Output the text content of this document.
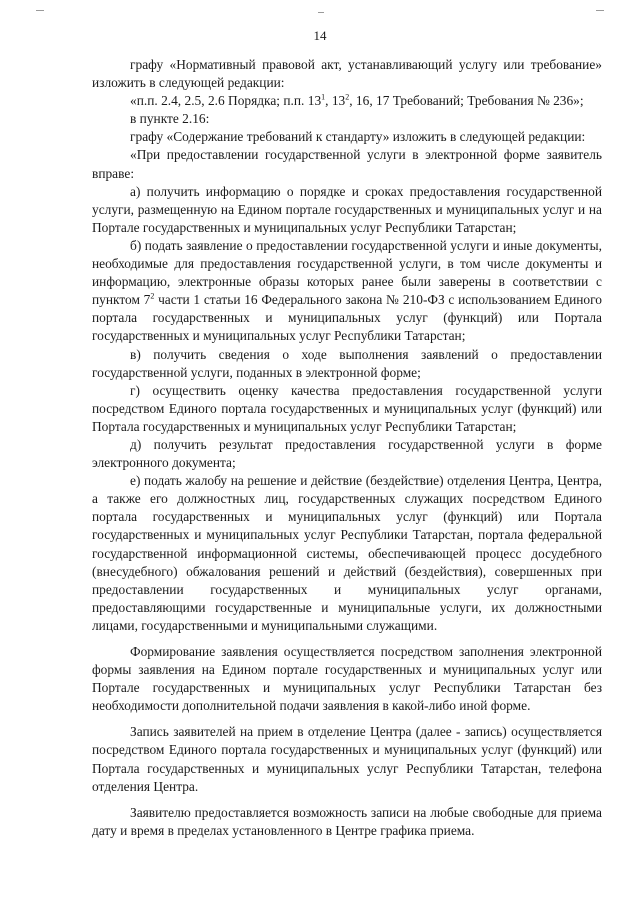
14

графу «Нормативный правовой акт, устанавливающий услугу или требование» изложить в следующей редакции:

«п.п. 2.4, 2.5, 2.6 Порядка; п.п. $13^1$, $13^2$, 16, 17 Требований; Требования № 236»;

в пункте 2.16:

графу «Содержание требований к стандарту» изложить в следующей редакции:

«При предоставлении государственной услуги в электронной форме заявитель вправе:

а) получить информацию о порядке и сроках предоставления государственной услуги, размещенную на Едином портале государственных и муниципальных услуг и на Портале государственных и муниципальных услуг Республики Татарстан;

б) подать заявление о предоставлении государственной услуги и иные документы, необходимые для предоставления государственной услуги, в том числе документы и информацию, электронные образы которых ранее были заверены в соответствии с пунктом $7^2$ части 1 статьи 16 Федерального закона № 210-ФЗ с использованием Единого портала государственных и муниципальных услуг (функций) или Портала государственных и муниципальных услуг Республики Татарстан;

в) получить сведения о ходе выполнения заявлений о предоставлении государственной услуги, поданных в электронной форме;

г) осуществить оценку качества предоставления государственной услуги посредством Единого портала государственных и муниципальных услуг (функций) или Портала государственных и муниципальных услуг Республики Татарстан;

д) получить результат предоставления государственной услуги в форме электронного документа;

е) подать жалобу на решение и действие (бездействие) отделения Центра, Центра, а также его должностных лиц, государственных служащих посредством Единого портала государственных и муниципальных услуг (функций) или Портала государственных и муниципальных услуг Республики Татарстан, портала федеральной государственной информационной системы, обеспечивающей процесс досудебного (внесудебного) обжалования решений и действий (бездействия), совершенных при предоставлении государственных и муниципальных услуг органами, предоставляющими государственные и муниципальные услуги, их должностными лицами, государственными и муниципальными служащими.

Формирование заявления осуществляется посредством заполнения электронной формы заявления на Едином портале государственных и муниципальных услуг или Портале государственных и муниципальных услуг Республики Татарстан без необходимости дополнительной подачи заявления в какой-либо иной форме.

Запись заявителей на прием в отделение Центра (далее - запись) осуществляется посредством Единого портала государственных и муниципальных услуг (функций) или Портала государственных и муниципальных услуг Республики Татарстан, телефона отделения Центра.

Заявителю предоставляется возможность записи на любые свободные для приема дату и время в пределах установленного в Центре графика приема.
